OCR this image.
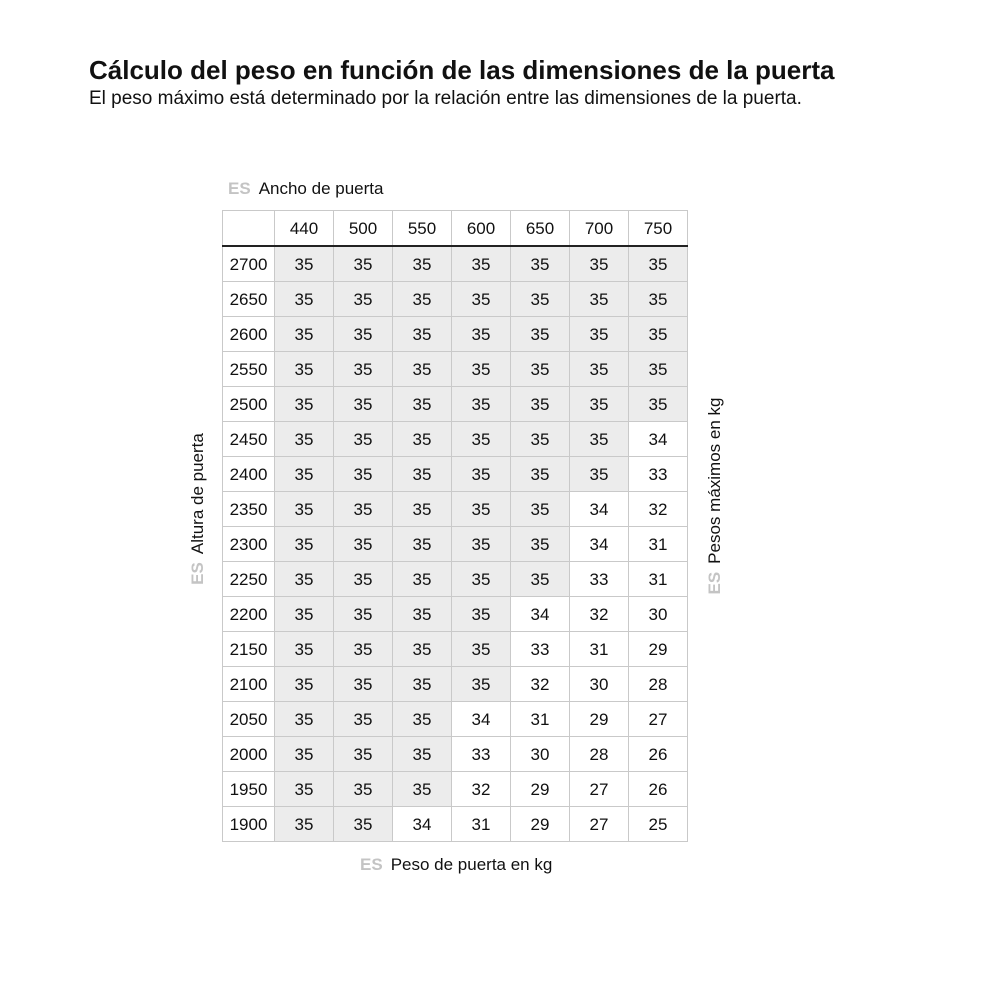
Cálculo del peso en función de las dimensiones de la puerta
El peso máximo está determinado por la relación entre las dimensiones de la puerta.
ES Ancho de puerta
ESAltura de puerta
ESPesos máximos en kg
	440	500	550	600	650	700	750
2700	35	35	35	35	35	35	35
2650	35	35	35	35	35	35	35
2600	35	35	35	35	35	35	35
2550	35	35	35	35	35	35	35
2500	35	35	35	35	35	35	35
2450	35	35	35	35	35	35	34
2400	35	35	35	35	35	35	33
2350	35	35	35	35	35	34	32
2300	35	35	35	35	35	34	31
2250	35	35	35	35	35	33	31
2200	35	35	35	35	34	32	30
2150	35	35	35	35	33	31	29
2100	35	35	35	35	32	30	28
2050	35	35	35	34	31	29	27
2000	35	35	35	33	30	28	26
1950	35	35	35	32	29	27	26
1900	35	35	34	31	29	27	25
ES Peso de puerta en kg
